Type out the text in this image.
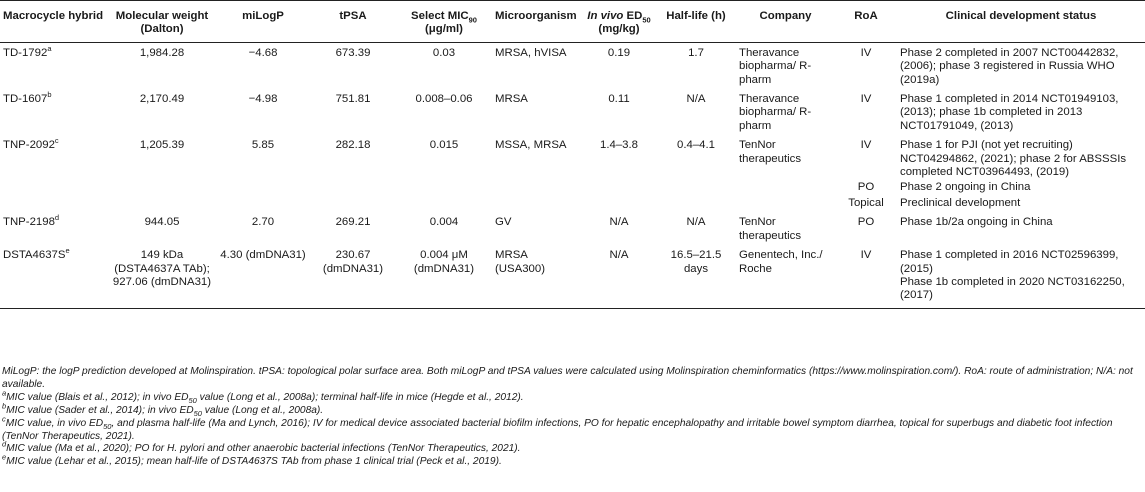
Macrocycle hybrid	Molecular weight (Dalton)	miLogP	tPSA	Select $MIC_{90}$ (μg/ml)	Microorganism	In vivo $ED_{50}$ (mg/kg)	Half-life (h)	Company	RoA	Clinical development status
TD-1792$^a$	1,984.28	−4.68	673.39	0.03	MRSA, hVISA	0.19	1.7	Theravance biopharma/ R-pharm	IV	Phase 2 completed in 2007 NCT00442832, (2006); phase 3 registered in Russia WHO (2019a)
TD-1607$^b$	2,170.49	−4.98	751.81	0.008–0.06	MRSA	0.11	N/A	Theravance biopharma/ R-pharm	IV	Phase 1 completed in 2014 NCT01949103, (2013); phase 1b completed in 2013 NCT01791049, (2013)
TNP-2092$^c$	1,205.39	5.85	282.18	0.015	MSSA, MRSA	1.4–3.8	0.4–4.1	TenNor therapeutics	IV	Phase 1 for PJI (not yet recruiting) NCT04294862, (2021); phase 2 for ABSSSIs completed NCT03964493, (2019)
									PO	Phase 2 ongoing in China
									Topical	Preclinical development
TNP-2198$^d$	944.05	2.70	269.21	0.004	GV	N/A	N/A	TenNor therapeutics	PO	Phase 1b/2a ongoing in China
$DSTA4637S^e$	149 kDa (DSTA4637A TAb); 927.06 (dmDNA31)	4.30 (dmDNA31)	230.67 (dmDNA31)	0.004 μM (dmDNA31)	MRSA (USA300)	N/A	16.5–21.5 days	Genentech, Inc./ Roche	IV	Phase 1 completed in 2016 NCT02596399, (2015)
Phase 1b completed in 2020 NCT03162250, (2017)
MiLogP: the logP prediction developed at Molinspiration. tPSA: topological polar surface area. Both miLogP and tPSA values were calculated using Molinspiration cheminformatics (https://www.molinspiration.com/). RoA: route of administration; N/A: not available.
$^a$MIC value (Blais et al., 2012); in vivo $ED_{50}$ value (Long et al., 2008a); terminal half-life in mice (Hegde et al., 2012).
$^b$MIC value (Sader et al., 2014); in vivo $ED_{50}$ value (Long et al., 2008a).
$^c$MIC value, in vivo $ED_{50}$, and plasma half-life (Ma and Lynch, 2016); IV for medical device associated bacterial biofilm infections, PO for hepatic encephalopathy and irritable bowel symptom diarrhea, topical for superbugs and diabetic foot infection (TenNor Therapeutics, 2021).
$^d$MIC value (Ma et al., 2020); PO for H. pylori and other anaerobic bacterial infections (TenNor Therapeutics, 2021).
$^e$MIC value (Lehar et al., 2015); mean half-life of DSTA4637S TAb from phase 1 clinical trial (Peck et al., 2019).
